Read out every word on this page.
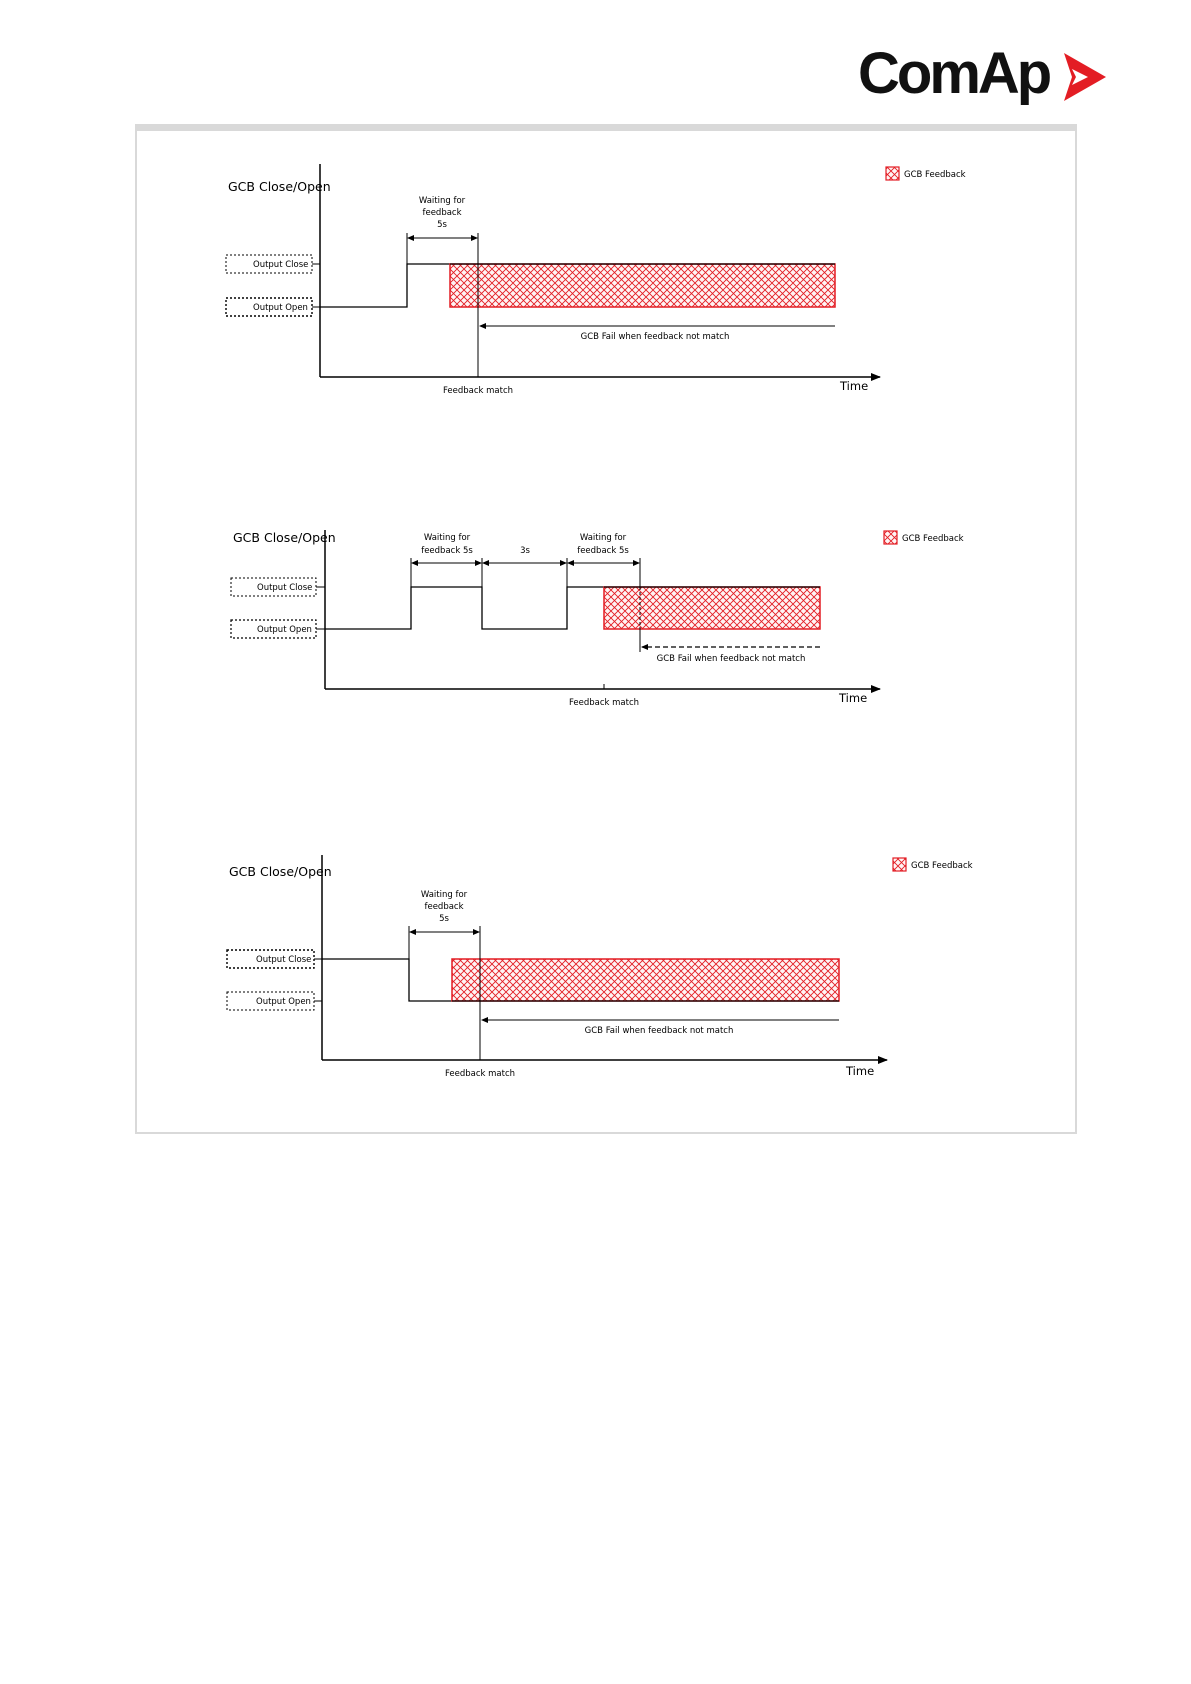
ComAp
GCB Close/Open
Time
Output Close
Output Open
Waiting for
feedback
5s
GCB Fail when feedback not match
Feedback match
GCB Feedback
GCB Close/Open
Time
Output Close
Output Open
Waiting for
feedback 5s	3s
Waiting for
feedback 5s
GCB Fail when feedback not match
Feedback match
GCB Feedback
GCB Close/Open
Time
Output Close
Output Open
Waiting for
feedback
5s
GCB Fail when feedback not match
Feedback match
GCB Feedback
